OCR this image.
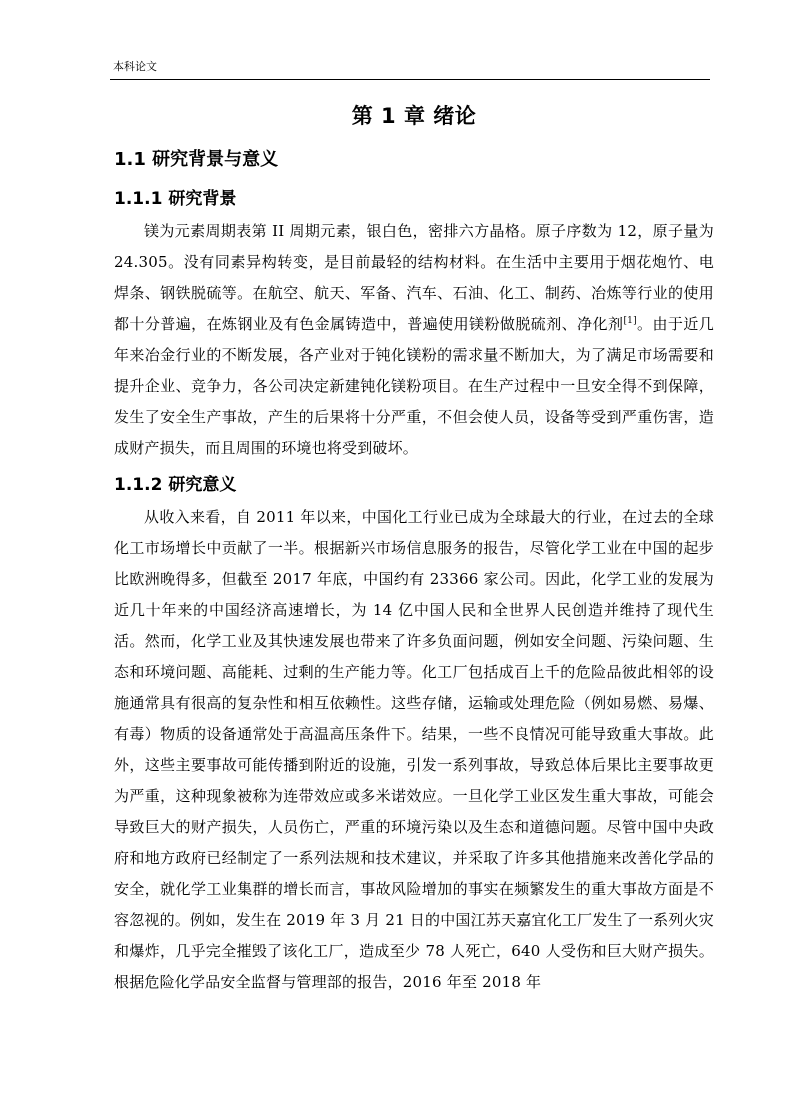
本科论文
第 1 章 绪论
1.1 研究背景与意义
1.1.1 研究背景

镁为元素周期表第 II 周期元素，银白色，密排六方晶格。原子序数为 12，原子量为 24.305。没有同素异构转变，是目前最轻的结构材料。在生活中主要用于烟花炮竹、电焊条、钢铁脱硫等。在航空、航天、军备、汽车、石油、化工、制药、冶炼等行业的使用都十分普遍，在炼钢业及有色金属铸造中，普遍使用镁粉做脱硫剂、净化剂[1]。由于近几年来冶金行业的不断发展，各产业对于钝化镁粉的需求量不断加大，为了满足市场需要和提升企业、竞争力，各公司决定新建钝化镁粉项目。在生产过程中一旦安全得不到保障，发生了安全生产事故，产生的后果将十分严重，不但会使人员，设备等受到严重伤害，造成财产损失，而且周围的环境也将受到破坏。

1.1.2 研究意义

从收入来看，自 2011 年以来，中国化工行业已成为全球最大的行业，在过去的全球化工市场增长中贡献了一半。根据新兴市场信息服务的报告，尽管化学工业在中国的起步比欧洲晚得多，但截至 2017 年底，中国约有 23366 家公司。因此，化学工业的发展为近几十年来的中国经济高速增长，为 14 亿中国人民和全世界人民创造并维持了现代生活。然而，化学工业及其快速发展也带来了许多负面问题，例如安全问题、污染问题、生态和环境问题、高能耗、过剩的生产能力等。化工厂包括成百上千的危险品彼此相邻的设施通常具有很高的复杂性和相互依赖性。这些存储，运输或处理危险（例如易燃、易爆、有毒）物质的设备通常处于高温高压条件下。结果，一些不良情况可能导致重大事故。此外，这些主要事故可能传播到附近的设施，引发一系列事故，导致总体后果比主要事故更为严重，这种现象被称为连带效应或多米诺效应。一旦化学工业区发生重大事故，可能会导致巨大的财产损失，人员伤亡，严重的环境污染以及生态和道德问题。尽管中国中央政府和地方政府已经制定了一系列法规和技术建议，并采取了许多其他措施来改善化学品的安全，就化学工业集群的增长而言，事故风险增加的事实在频繁发生的重大事故方面是不容忽视的。例如，发生在 2019 年 3 月 21 日的中国江苏天嘉宜化工厂发生了一系列火灾和爆炸，几乎完全摧毁了该化工厂，造成至少 78 人死亡，640 人受伤和巨大财产损失。根据危险化学品安全监督与管理部的报告，2016 年至 2018 年
